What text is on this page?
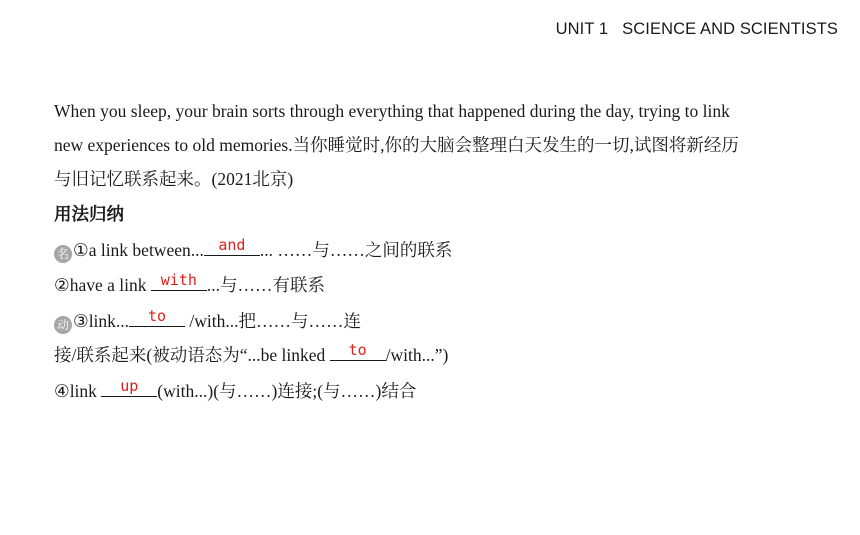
UNIT 1 SCIENCE AND SCIENTISTS
When you sleep, your brain sorts through everything that happened during the day, trying to link
new experiences to old memories.当你睡觉时,你的大脑会整理白天发生的一切,试图将新经历
与旧记忆联系起来。(2021北京)
用法归纳
名 ①a link between... and ... ……与……之间的联系
②have a link with ...与……有联系
动 ③link...	to	/with...把……与……连
接/联系起来(被动语态为“...be linked	to	/with...”)
④link	up	(with...)(与……)连接;(与……)结合
